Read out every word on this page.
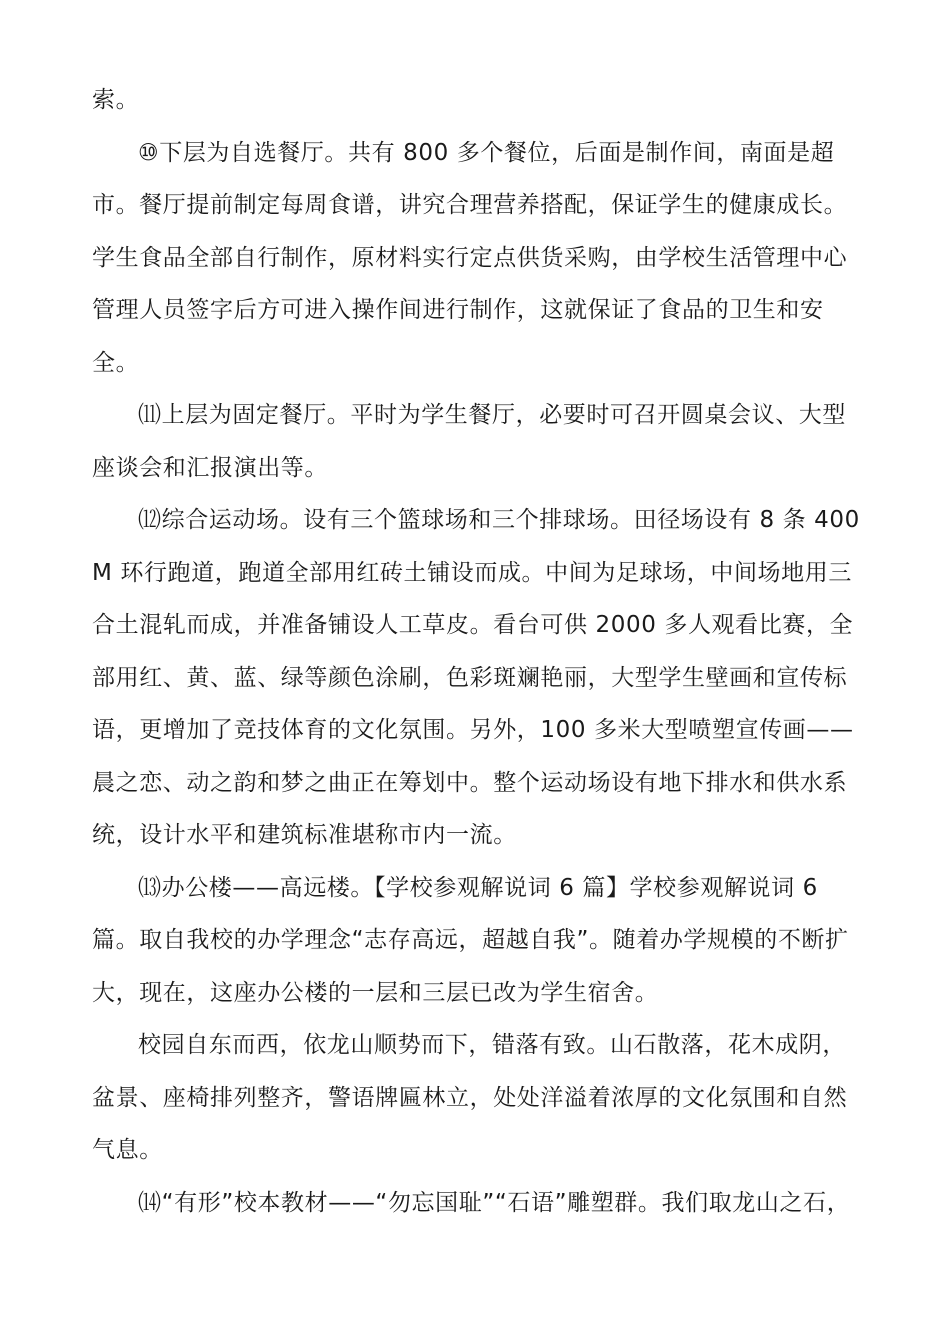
索。

⑩下层为自选餐厅。共有 800 多个餐位，后面是制作间，南面是超市。餐厅提前制定每周食谱，讲究合理营养搭配，保证学生的健康成长。学生食品全部自行制作，原材料实行定点供货采购，由学校生活管理中心管理人员签字后方可进入操作间进行制作，这就保证了食品的卫生和安全。

⑾上层为固定餐厅。平时为学生餐厅，必要时可召开圆桌会议、大型座谈会和汇报演出等。

⑿综合运动场。设有三个篮球场和三个排球场。田径场设有 8 条 400M 环行跑道，跑道全部用红砖土铺设而成。中间为足球场，中间场地用三合土混轧而成，并准备铺设人工草皮。看台可供 2000 多人观看比赛，全部用红、黄、蓝、绿等颜色涂刷，色彩斑斓艳丽，大型学生壁画和宣传标语，更增加了竞技体育的文化氛围。另外，100 多米大型喷塑宣传画——晨之恋、动之韵和梦之曲正在筹划中。整个运动场设有地下排水和供水系统，设计水平和建筑标准堪称市内一流。

⒀办公楼——高远楼。【学校参观解说词 6 篇】学校参观解说词 6 篇。取自我校的办学理念“志存高远，超越自我”。随着办学规模的不断扩大，现在，这座办公楼的一层和三层已改为学生宿舍。

校园自东而西，依龙山顺势而下，错落有致。山石散落，花木成阴，盆景、座椅排列整齐，警语牌匾林立，处处洋溢着浓厚的文化氛围和自然气息。

⒁“有形”校本教材——“勿忘国耻”“石语”雕塑群。我们取龙山之石，
